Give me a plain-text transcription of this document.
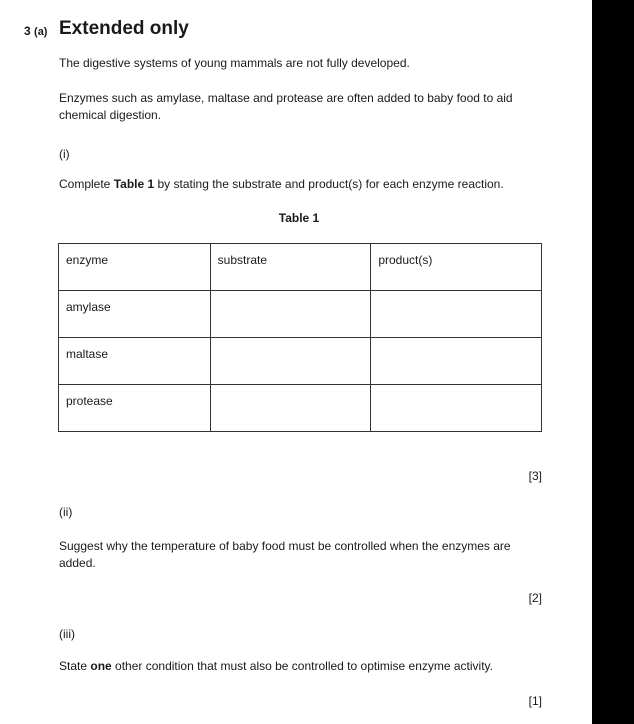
3 (a) Extended only

The digestive systems of young mammals are not fully developed.

Enzymes such as amylase, maltase and protease are often added to baby food to aid chemical digestion.

(i)

Complete Table 1 by stating the substrate and product(s) for each enzyme reaction.

Table 1

enzyme	substrate	product(s)
amylase		
maltase		
protease		

[3]

(ii)

Suggest why the temperature of baby food must be controlled when the enzymes are added.

[2]

(iii)

State one other condition that must also be controlled to optimise enzyme activity.

[1]
